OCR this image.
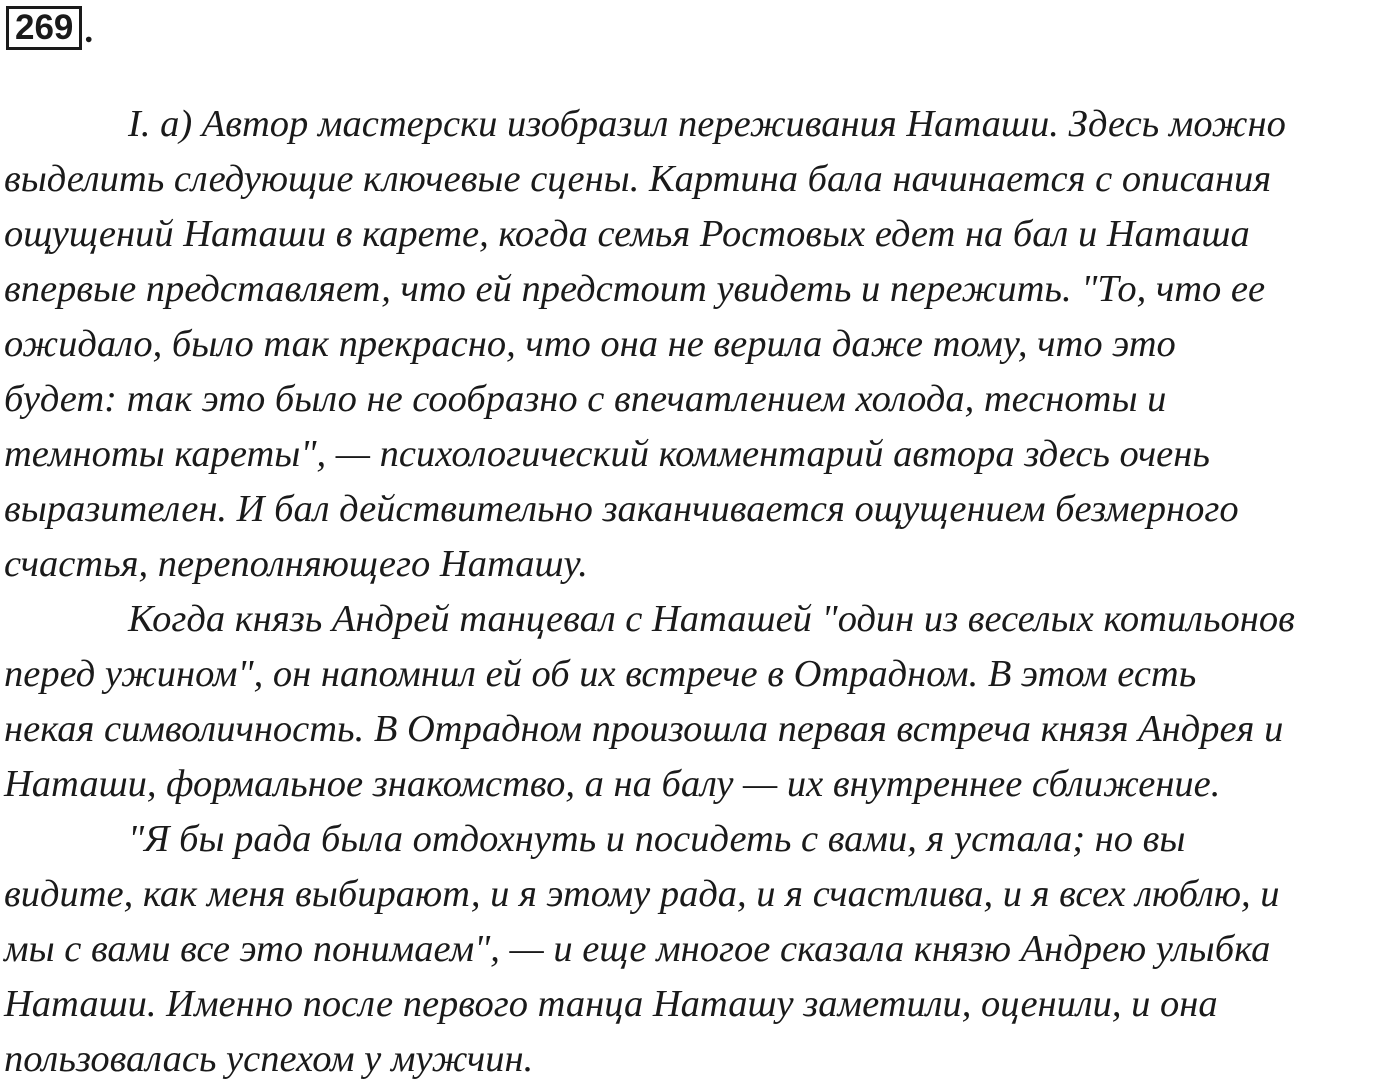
269 .
I. а) Автор мастерски изобразил переживания Наташи. Здесь можно
выделить следующие ключевые сцены. Картина бала начинается с описания
ощущений Наташи в карете, когда семья Ростовых едет на бал и Наташа
впервые представляет, что ей предстоит увидеть и пережить. "То, что ее
ожидало, было так прекрасно, что она не верила даже тому, что это
будет: так это было не сообразно с впечатлением холода, тесноты и
темноты кареты", — психологический комментарий автора здесь очень
выразителен. И бал действительно заканчивается ощущением безмерного
счастья, переполняющего Наташу.
Когда князь Андрей танцевал с Наташей "один из веселых котильонов
перед ужином", он напомнил ей об их встрече в Отрадном. В этом есть
некая символичность. В Отрадном произошла первая встреча князя Андрея и
Наташи, формальное знакомство, а на балу — их внутреннее сближение.
"Я бы рада была отдохнуть и посидеть с вами, я устала; но вы
видите, как меня выбирают, и я этому рада, и я счастлива, и я всех люблю, и
мы с вами все это понимаем", — и еще многое сказала князю Андрею улыбка
Наташи. Именно после первого танца Наташу заметили, оценили, и она
пользовалась успехом у мужчин.
